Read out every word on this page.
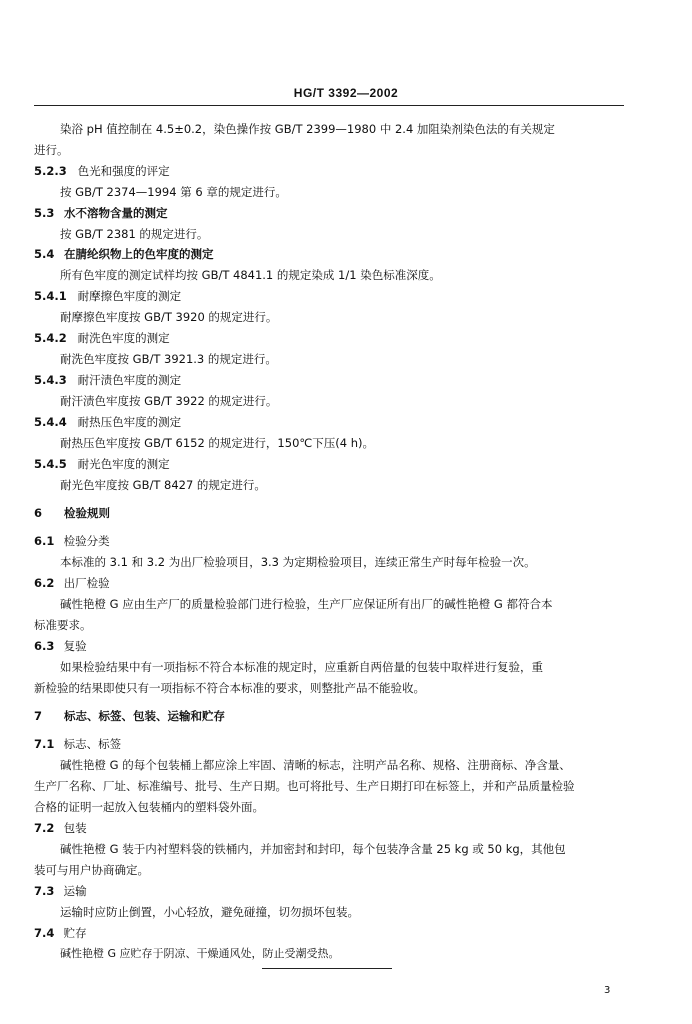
HG/T 3392—2002
染浴 pH 值控制在 4.5±0.2，染色操作按 GB/T 2399—1980 中 2.4 加阻染剂染色法的有关规定
进行。
5.2.3 色光和强度的评定
按 GB/T 2374—1994 第 6 章的规定进行。
5.3 水不溶物含量的测定
按 GB/T 2381 的规定进行。
5.4 在腈纶织物上的色牢度的测定
所有色牢度的测定试样均按 GB/T 4841.1 的规定染成 1/1 染色标准深度。
5.4.1 耐摩擦色牢度的测定
耐摩擦色牢度按 GB/T 3920 的规定进行。
5.4.2 耐洗色牢度的测定
耐洗色牢度按 GB/T 3921.3 的规定进行。
5.4.3 耐汗渍色牢度的测定
耐汗渍色牢度按 GB/T 3922 的规定进行。
5.4.4 耐热压色牢度的测定
耐热压色牢度按 GB/T 6152 的规定进行，150℃下压(4 h)。
5.4.5 耐光色牢度的测定
耐光色牢度按 GB/T 8427 的规定进行。
6 检验规则
6.1 检验分类
本标准的 3.1 和 3.2 为出厂检验项目，3.3 为定期检验项目，连续正常生产时每年检验一次。
6.2 出厂检验
碱性艳橙 G 应由生产厂的质量检验部门进行检验，生产厂应保证所有出厂的碱性艳橙 G 都符合本
标准要求。
6.3 复验
如果检验结果中有一项指标不符合本标准的规定时，应重新自两倍量的包装中取样进行复验，重
新检验的结果即使只有一项指标不符合本标准的要求，则整批产品不能验收。
7 标志、标签、包装、运输和贮存
7.1 标志、标签
碱性艳橙 G 的每个包装桶上都应涂上牢固、清晰的标志，注明产品名称、规格、注册商标、净含量、
生产厂名称、厂址、标准编号、批号、生产日期。也可将批号、生产日期打印在标签上，并和产品质量检验
合格的证明一起放入包装桶内的塑料袋外面。
7.2 包装
碱性艳橙 G 装于内衬塑料袋的铁桶内，并加密封和封印，每个包装净含量 25 kg 或 50 kg，其他包
装可与用户协商确定。
7.3 运输
运输时应防止倒置，小心轻放，避免碰撞，切勿损坏包装。
7.4 贮存
碱性艳橙 G 应贮存于阴凉、干燥通风处，防止受潮受热。
3
